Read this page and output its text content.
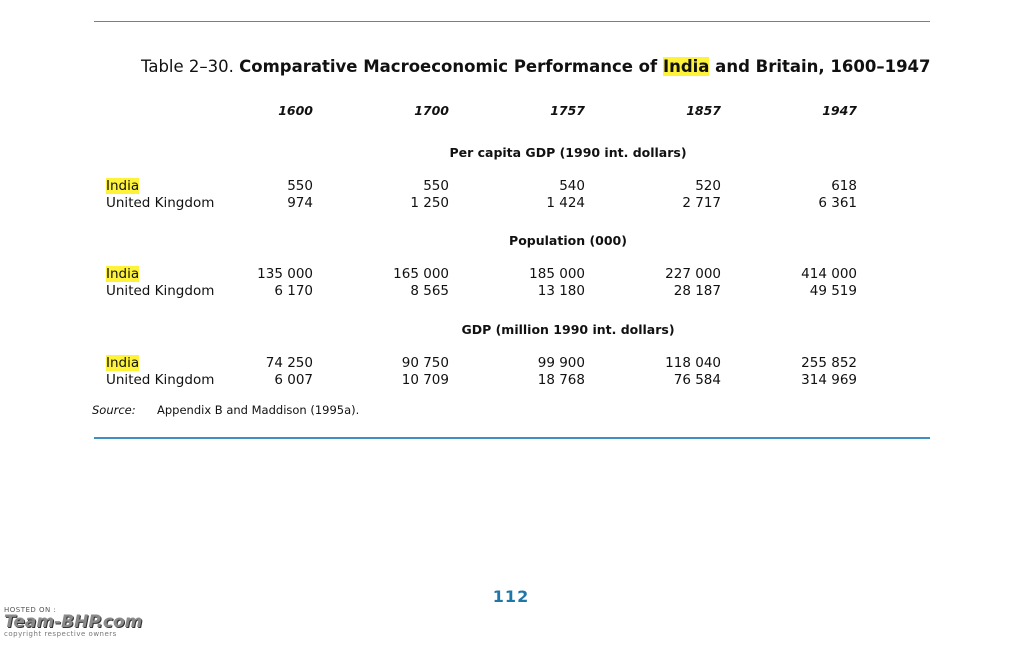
Table 2–30. Comparative Macroeconomic Performance of India and Britain, 1600–1947
1600	1700	1757	1857	1947
Per capita GDP (1990 int. dollars)
India	550	550	540	520	618
United Kingdom	974	1 250	1 424	2 717	6 361
Population (000)
India	135 000	165 000	185 000	227 000	414 000
United Kingdom	6 170	8 565	13 180	28 187	49 519
GDP (million 1990 int. dollars)
India	74 250	90 750	99 900	118 040	255 852
United Kingdom	6 007	10 709	18 768	76 584	314 969
Source: Appendix B and Maddison (1995a).
112
HOSTED ON :
Team-BHP.com
copyright respective owners
